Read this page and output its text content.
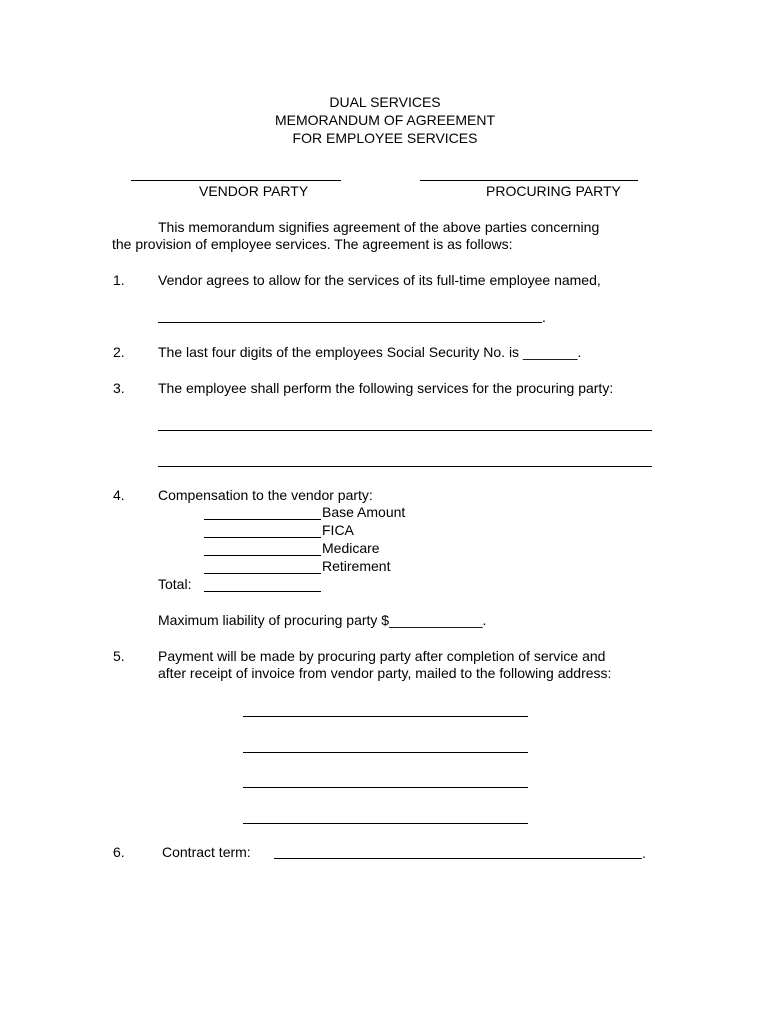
DUAL SERVICES
MEMORANDUM OF AGREEMENT
FOR EMPLOYEE SERVICES
VENDOR PARTY	PROCURING PARTY
This memorandum signifies agreement of the above parties concerning
the provision of employee services. The agreement is as follows:
1. Vendor agrees to allow for the services of its full-time employee named,
.
2. The last four digits of the employees Social Security No. is _______.
3. The employee shall perform the following services for the procuring party:
4. Compensation to the vendor party:
Base Amount
FICA
Medicare
Retirement
Total:
Maximum liability of procuring party $____________.
5. Payment will be made by procuring party after completion of service and
after receipt of invoice from vendor party, mailed to the following address:
6.	Contract term:	.
